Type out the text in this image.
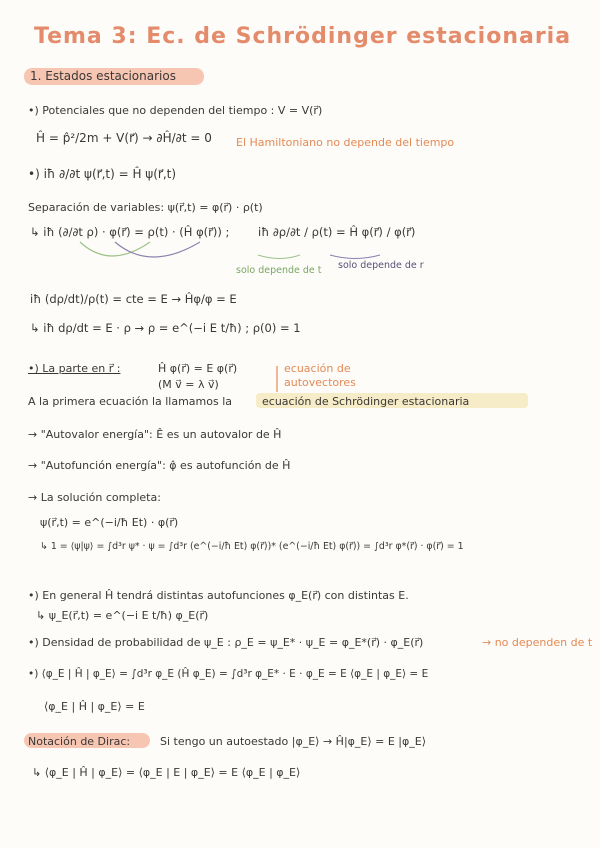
Tema 3: Ec. de Schrödinger estacionaria
1. Estados estacionarios
•) Potenciales que no dependen del tiempo : V = V(r⃗)
Ĥ = p̂²/2m + V(r⃗) → ∂Ĥ/∂t = 0 El Hamiltoniano no depende del tiempo
•) iħ ∂/∂t ψ(r⃗,t) = Ĥ ψ(r⃗,t)
Separación de variables: ψ(r⃗,t) = φ(r⃗) · ρ(t)
↳ iħ (∂/∂t ρ) · φ(r⃗) = ρ(t) · (Ĥ φ(r⃗)) ; iħ ∂ρ/∂t / ρ(t) = Ĥ φ(r⃗) / φ(r⃗)
solo depende de t solo depende de r
iħ (dρ/dt)/ρ(t) = cte = E → Ĥφ/φ = E
↳ iħ dρ/dt = E · ρ → ρ = e^(−i E t/ħ) ; ρ(0) = 1
•) La parte en r⃗ :	Ĥ φ(r⃗) = E φ(r⃗)
(M v⃗ = λ v⃗)
ecuación de autovectores
A la primera ecuación la llamamos la	ecuación de Schrödinger estacionaria
→ "Autovalor energía": Ê es un autovalor de Ĥ
→ "Autofunción energía": φ̂ es autofunción de Ĥ
→ La solución completa:
ψ(r⃗,t) = e^(−i/ħ Et) · φ(r⃗)
↳ 1 = ⟨ψ|ψ⟩ = ∫d³r ψ* · ψ = ∫d³r (e^(−i/ħ Et) φ(r⃗))* (e^(−i/ħ Et) φ(r⃗)) = ∫d³r φ*(r⃗) · φ(r⃗) = 1
•) En general Ĥ tendrá distintas autofunciones φ_E(r⃗) con distintas E.
↳ ψ_E(r⃗,t) = e^(−i E t/ħ) φ_E(r⃗)
•) Densidad de probabilidad de ψ_E : ρ_E = ψ_E* · ψ_E = φ_E*(r⃗) · φ_E(r⃗)	→ no dependen de t
•) ⟨φ_E | Ĥ | φ_E⟩ = ∫d³r φ_E (Ĥ φ_E) = ∫d³r φ_E* · E · φ_E = E ⟨φ_E | φ_E⟩ = E
⟨φ_E | Ĥ | φ_E⟩ = E
Notación de Dirac:	Si tengo un autoestado |φ_E⟩ → Ĥ|φ_E⟩ = E |φ_E⟩
↳ ⟨φ_E | Ĥ | φ_E⟩ = ⟨φ_E | E | φ_E⟩ = E ⟨φ_E | φ_E⟩
